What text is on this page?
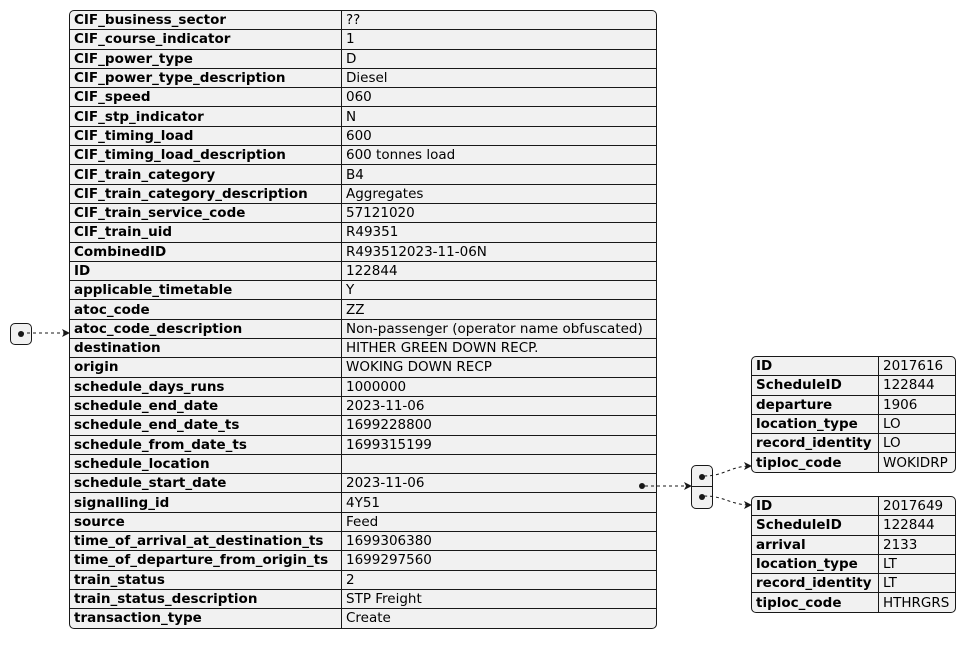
CIF_business_sector	??
CIF_course_indicator	1
CIF_power_type	D
CIF_power_type_description	Diesel
CIF_speed	060
CIF_stp_indicator	N
CIF_timing_load	600
CIF_timing_load_description	600 tonnes load
CIF_train_category	B4
CIF_train_category_description	Aggregates
CIF_train_service_code	57121020
CIF_train_uid	R49351
CombinedID	R493512023-11-06N
ID	122844
applicable_timetable	Y
atoc_code	ZZ
atoc_code_description	Non-passenger (operator name obfuscated)
destination	HITHER GREEN DOWN RECP.
origin	WOKING DOWN RECP
schedule_days_runs	1000000
schedule_end_date	2023-11-06
schedule_end_date_ts	1699228800
schedule_from_date_ts	1699315199
schedule_location	
schedule_start_date	2023-11-06
signalling_id	4Y51
source	Feed
time_of_arrival_at_destination_ts	1699306380
time_of_departure_from_origin_ts	1699297560
train_status	2
train_status_description	STP Freight
transaction_type	Create
ID	2017616
ScheduleID	122844
departure	1906
location_type	LO
record_identity	LO
tiploc_code	WOKIDRP
ID	2017649
ScheduleID	122844
arrival	2133
location_type	LT
record_identity	LT
tiploc_code	HTHRGRS
